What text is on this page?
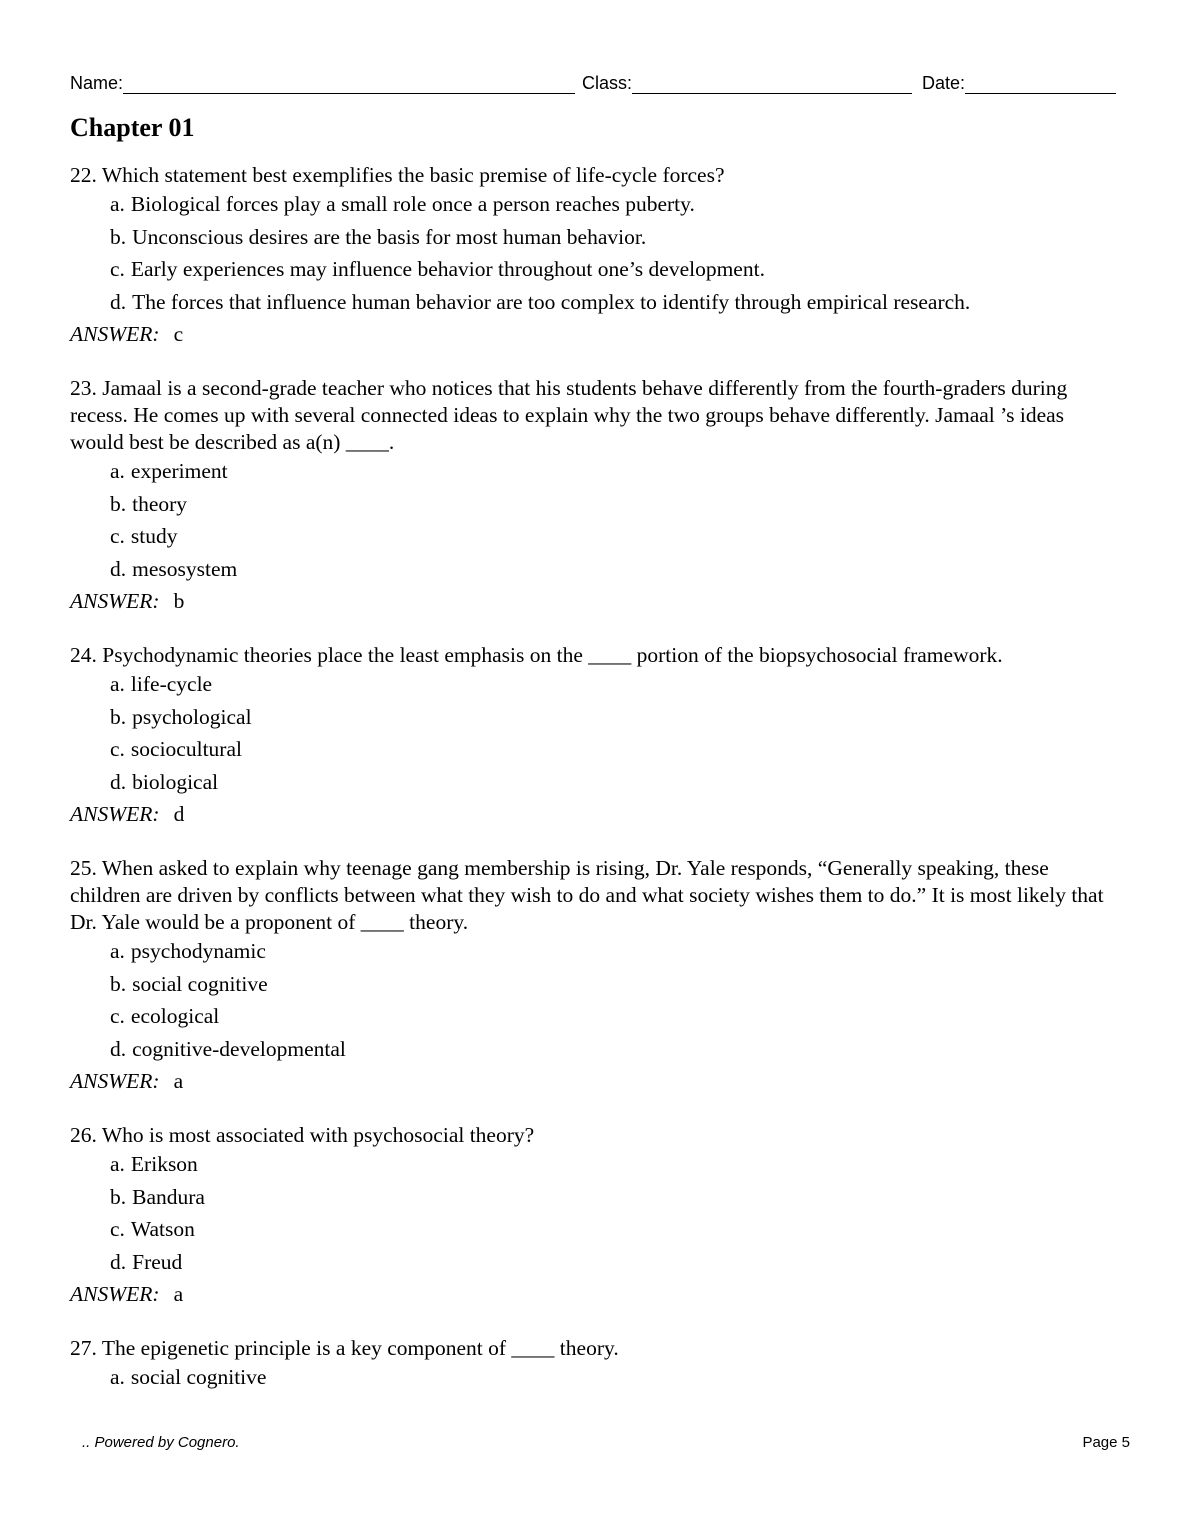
Name:	Class:	Date:
Chapter 01

22. Which statement best exemplifies the basic premise of life-cycle forces?

a. Biological forces play a small role once a person reaches puberty.
b. Unconscious desires are the basis for most human behavior.
c. Early experiences may influence behavior throughout one’s development.
d. The forces that influence human behavior are too complex to identify through empirical research.

ANSWER: c

23. Jamaal is a second-grade teacher who notices that his students behave differently from the fourth-graders during recess. He comes up with several connected ideas to explain why the two groups behave differently. Jamaal ’s ideas would best be described as a(n) ____.

a. experiment
b. theory
c. study
d. mesosystem

ANSWER: b

24. Psychodynamic theories place the least emphasis on the ____ portion of the biopsychosocial framework.

a. life-cycle
b. psychological
c. sociocultural
d. biological

ANSWER: d

25. When asked to explain why teenage gang membership is rising, Dr. Yale responds, “Generally speaking, these children are driven by conflicts between what they wish to do and what society wishes them to do.” It is most likely that Dr. Yale would be a proponent of ____ theory.

a. psychodynamic
b. social cognitive
c. ecological
d. cognitive-developmental

ANSWER: a

26. Who is most associated with psychosocial theory?

a. Erikson
b. Bandura
c. Watson
d. Freud

ANSWER: a

27. The epigenetic principle is a key component of ____ theory.

a. social cognitive
.. Powered by Cognero.	Page 5
